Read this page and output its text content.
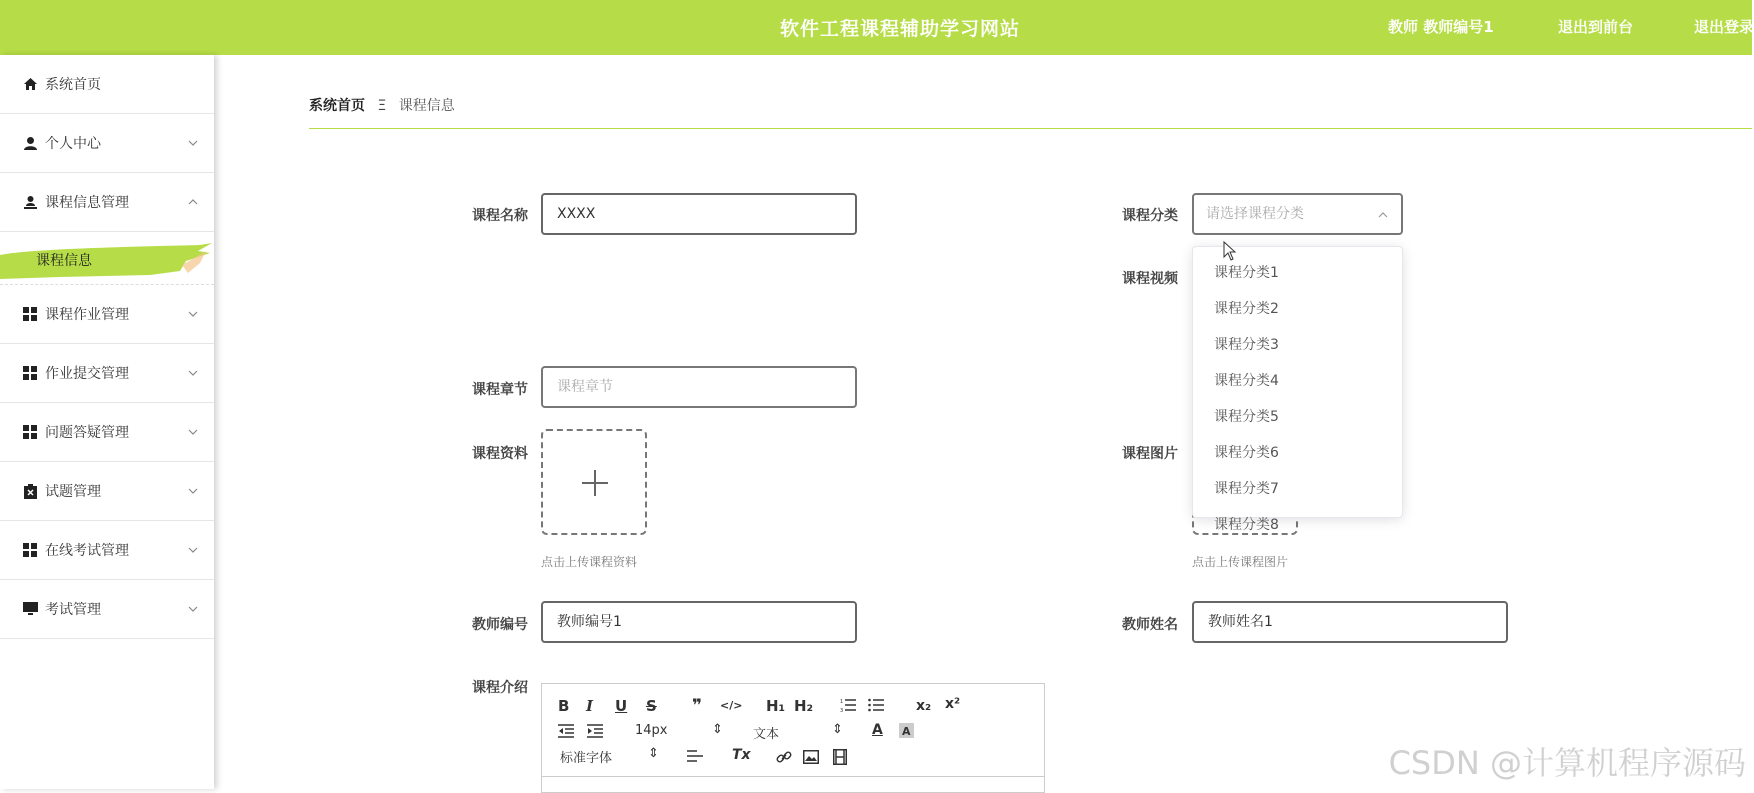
软件工程课程辅助学习网站	教师 教师编号1	退出到前台	退出登录
系统首页
个人中心
课程信息管理
课程信息
课程作业管理
作业提交管理
问题答疑管理
试题管理
在线考试管理
考试管理
系统首页 Ξ 课程信息
课程名称	XXXX
课程章节	课程章节
课程资料
点击上传课程资料
教师编号	教师编号1
课程介绍
课程分类	请选择课程分类
课程视频
课程图片
点击上传课程图片
教师姓名	教师姓名1
课程分类1
课程分类2
课程分类3
课程分类4
课程分类5
课程分类6
课程分类7
课程分类8
B I U S ❞ </> H₁ H₂	1
3	x₂ x²
14px	⇕ 文本	⇕ A A
标准字体	⇕	Tx	CSDN @计算机程序源码
